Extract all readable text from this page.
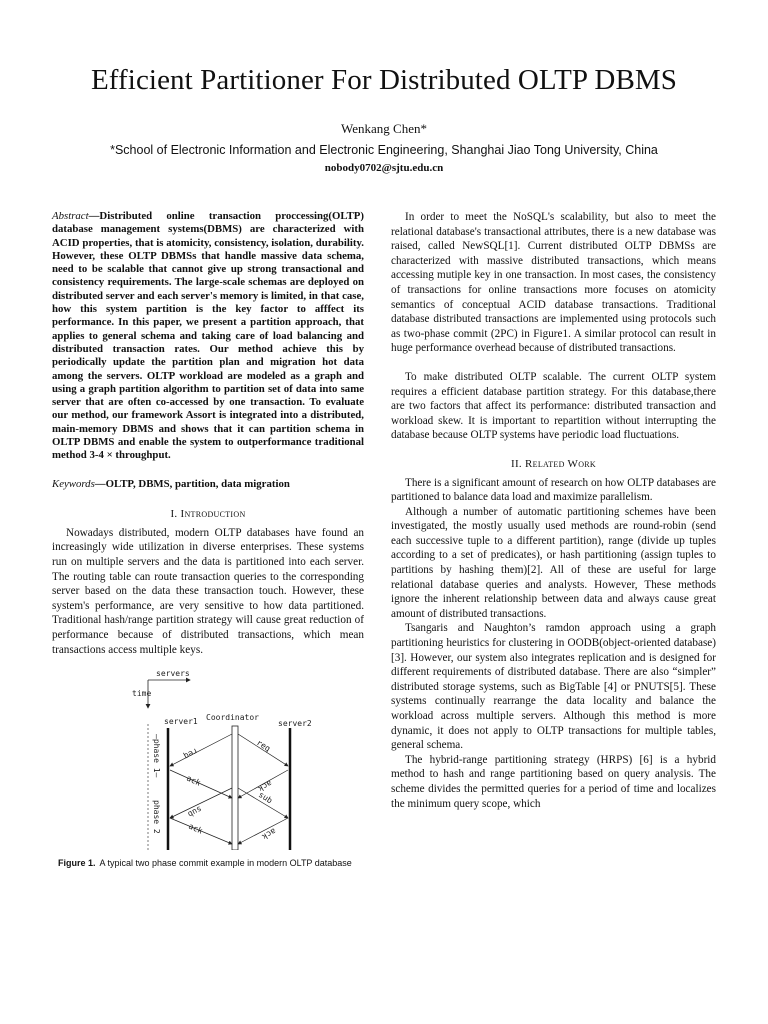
Efficient Partitioner For Distributed OLTP DBMS
Wenkang Chen*
*School of Electronic Information and Electronic Engineering, Shanghai Jiao Tong University, China
nobody0702@sjtu.edu.cn

Abstract—Distributed online transaction proccessing(OLTP) database management systems(DBMS) are characterized with ACID properties, that is atomicity, consistency, isolation, durability. However, these OLTP DBMSs that handle massive data schema, need to be scalable that cannot give up strong transactional and consistency requirements. The large-scale schemas are deployed on distributed server and each server's memory is limited, in that case, how this system partition is the key factor to afffect its performance. In this paper, we present a partition approach, that applies to general schema and taking care of load balancing and distributed transaction rates. Our method achieve this by periodically update the partition plan and migration hot data among the servers. OLTP workload are modeled as a graph and using a graph partition algorithm to partition set of data into same server that are often co-accessed by one transaction. To evaluate our method, our framework Assort is integrated into a distributed, main-memory DBMS and shows that it can partition schema in OLTP DBMS and enable the system to outperformance traditional method 3-4 × throughput.

Keywords—OLTP, DBMS, partition, data migration

I. Introduction

Nowadays distributed, modern OLTP databases have found an increasingly wide utilization in diverse enterprises. These systems run on multiple servers and the data is partitioned into each server. The routing table can route transaction queries to the corresponding server based on the data these transaction touch. However, these system's performance, are very sensitive to how data partitioned. Traditional hash/range partition strategy will cause great reduction of performance because of distributed transactions, which mean transactions access multiple keys.

servers
time
Coordinator
server1	server2
—phase 1—
phase 2
req
req
ack	ack
sub
sub
ack	ack
Figure 1. A typical two phase commit example in modern OLTP database

In order to meet the NoSQL's scalability, but also to meet the relational database's transactional attributes, there is a new database was raised, called NewSQL[1]. Current distributed OLTP DBMSs are characterized with massive distributed transactions, which means accessing mutiple key in one transaction. In most cases, the consistency of transactions for online transactions more focuses on atomicity semantics of conceptual ACID database transactions. Traditional database distributed transactions are implemented using protocols such as two-phase commit (2PC) in Figure1. A similar protocol can result in huge performance overhead because of distributed transactions.

To make distributed OLTP scalable. The current OLTP system requires a efficient database partition strategy. For this database,there are two factors that affect its performance: distributed transaction and workload skew. It is important to repartition without interrupting the database because OLTP systems have periodic load fluctuations.

II. Related Work

There is a significant amount of research on how OLTP databases are partitioned to balance data load and maximize parallelism.

Although a number of automatic partitioning schemes have been investigated, the mostly usually used methods are round-robin (send each successive tuple to a different partition), range (divide up tuples according to a set of predicates), or hash partitioning (assign tuples to partitions by hashing them)[2]. All of these are useful for large relational database queries and analysts. However, These methods ignore the inherent relationship between data and always cause great amount of distributed transactions.

Tsangaris and Naughton’s ramdon approach using a graph partitioning heuristics for clustering in OODB(object-oriented database)[3]. However, our system also integrates replication and is designed for different requirements of distributed database. There are also “simpler” distributed storage systems, such as BigTable [4] or PNUTS[5]. These systems continually rearrange the data locality and balance the workload across multiple servers. Although this method is more dynamic, it does not apply to OLTP transactions for multiple tables, general schema.

The hybrid-range partitioning strategy (HRPS) [6] is a hybrid method to hash and range partitioning based on query analysis. The scheme divides the permitted queries for a period of time and localizes the minimum query scope, which
